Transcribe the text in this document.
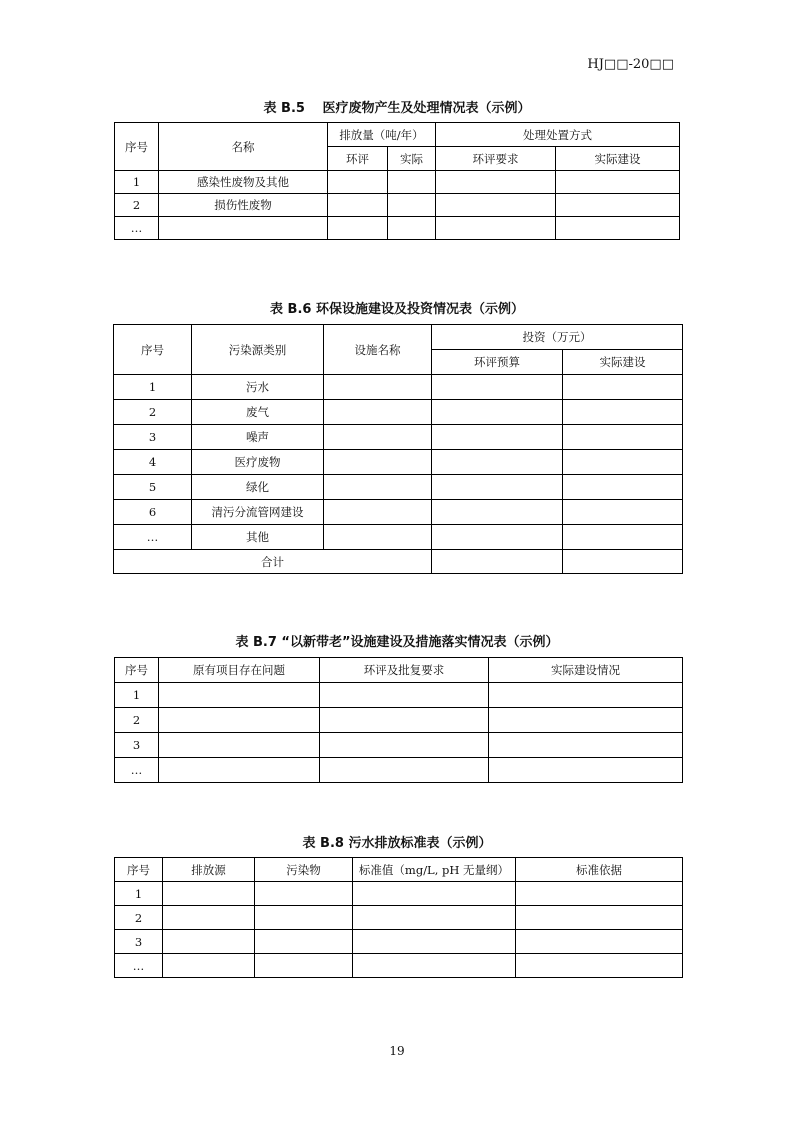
HJ□□-20□□
表 B.5　 医疗废物产生及处理情况表（示例）
序号	名称	排放量（吨/年）		处理处置方式	
		环评	实际	环评要求	实际建设
1	感染性废物及其他				
2	损伤性废物				
…					
表 B.6 环保设施建设及投资情况表（示例）
序号	污染源类别	设施名称	投资（万元）	
			环评预算	实际建设
1	污水			
2	废气			
3	噪声			
4	医疗废物			
5	绿化			
6	清污分流管网建设			
…	其他			
合计				
表 B.7 “以新带老”设施建设及措施落实情况表（示例）
序号	原有项目存在问题	环评及批复要求	实际建设情况
1			
2			
3			
…			
表 B.8 污水排放标准表（示例）
序号	排放源	污染物	标准值（mg/L, pH 无量纲）	标准依据
1				
2				
3				
…				
19
